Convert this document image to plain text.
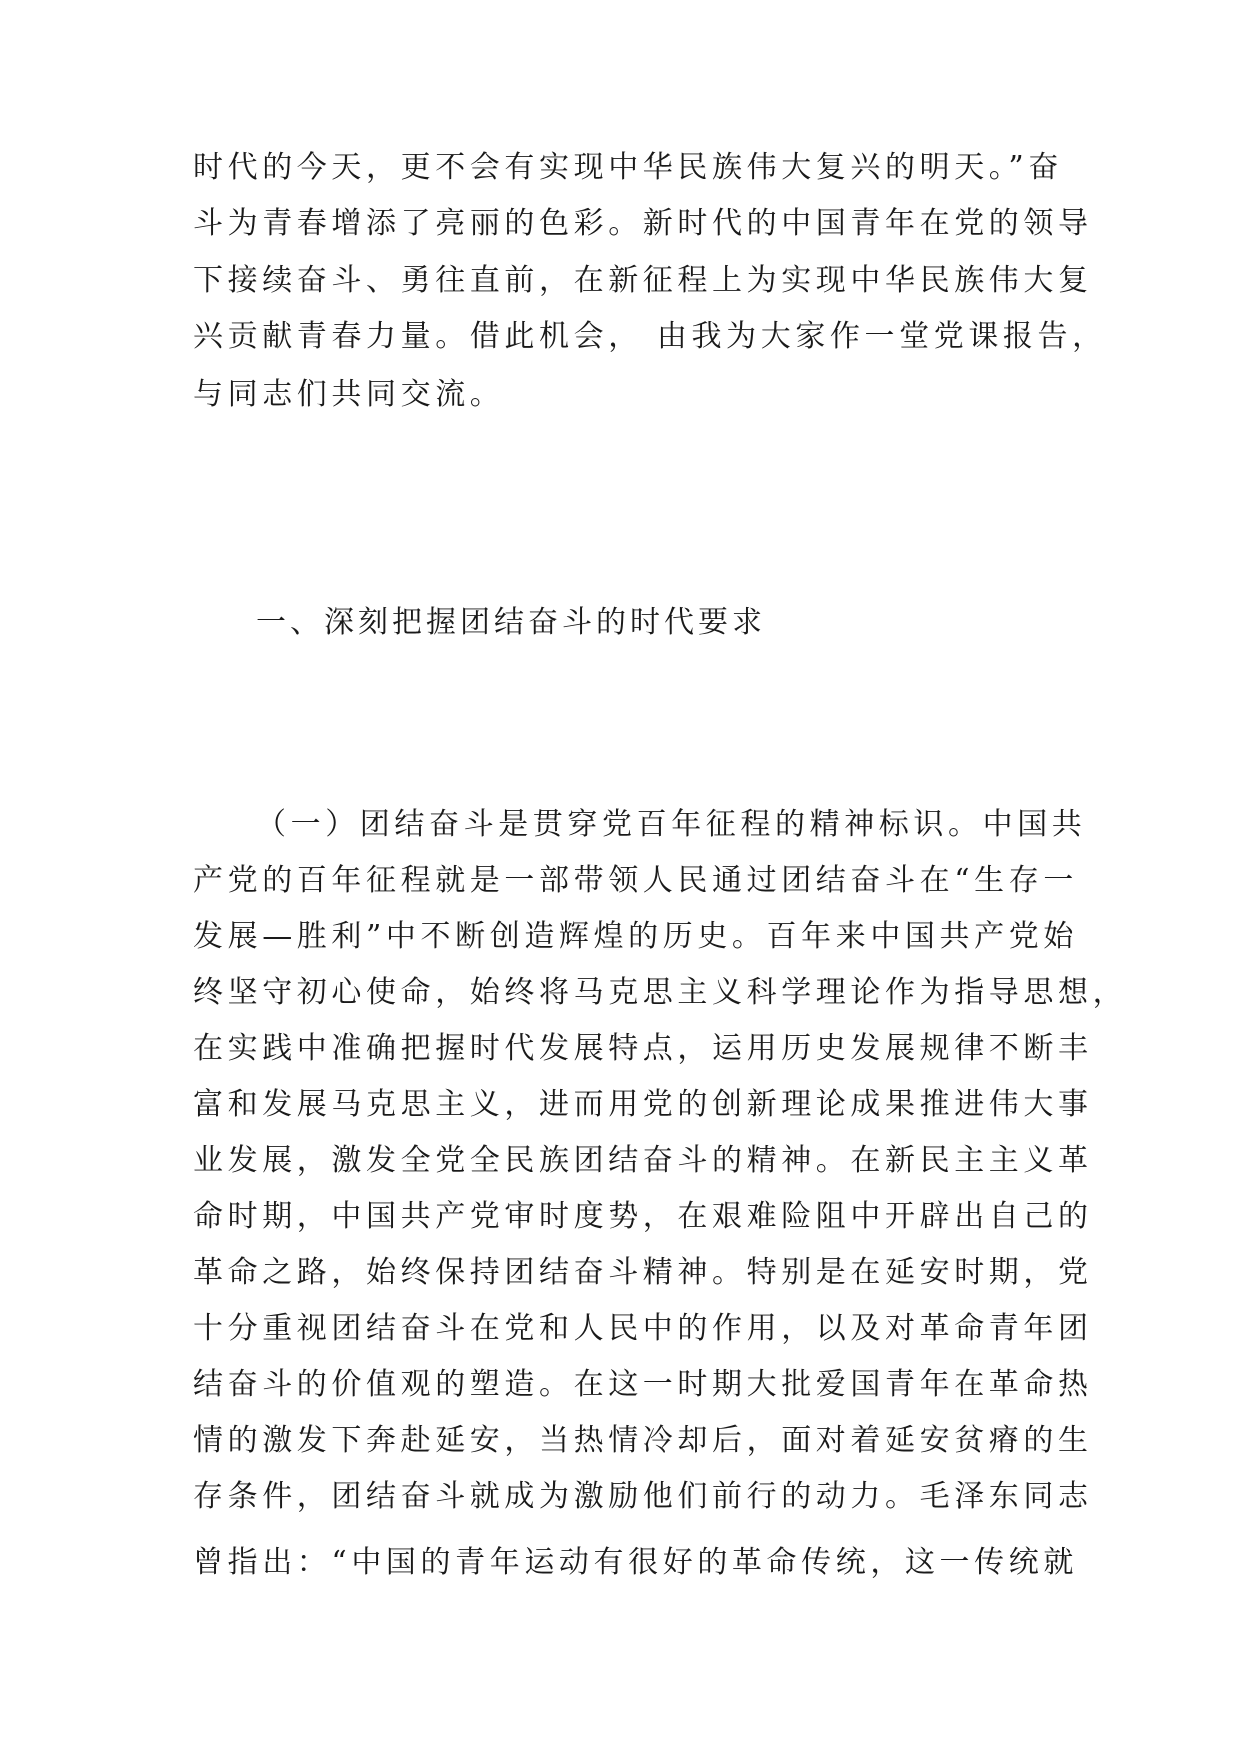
时代的今天，更不会有实现中华民族伟大复兴的明天。”奋
斗为青春增添了亮丽的色彩。新时代的中国青年在党的领导
下接续奋斗、勇往直前，在新征程上为实现中华民族伟大复
兴贡献青春力量。借此机会， 由我为大家作一堂党课报告，
与同志们共同交流。
一、深刻把握团结奋斗的时代要求
（一）团结奋斗是贯穿党百年征程的精神标识。中国共
产党的百年征程就是一部带领人民通过团结奋斗在“生存一
发展—胜利”中不断创造辉煌的历史。百年来中国共产党始
终坚守初心使命，始终将马克思主义科学理论作为指导思想，
在实践中准确把握时代发展特点，运用历史发展规律不断丰
富和发展马克思主义，进而用党的创新理论成果推进伟大事
业发展，激发全党全民族团结奋斗的精神。在新民主主义革
命时期，中国共产党审时度势，在艰难险阻中开辟出自己的
革命之路，始终保持团结奋斗精神。特别是在延安时期，党
十分重视团结奋斗在党和人民中的作用，以及对革命青年团
结奋斗的价值观的塑造。在这一时期大批爱国青年在革命热
情的激发下奔赴延安，当热情冷却后，面对着延安贫瘠的生
存条件，团结奋斗就成为激励他们前行的动力。毛泽东同志
曾指出：“中国的青年运动有很好的革命传统，这一传统就
